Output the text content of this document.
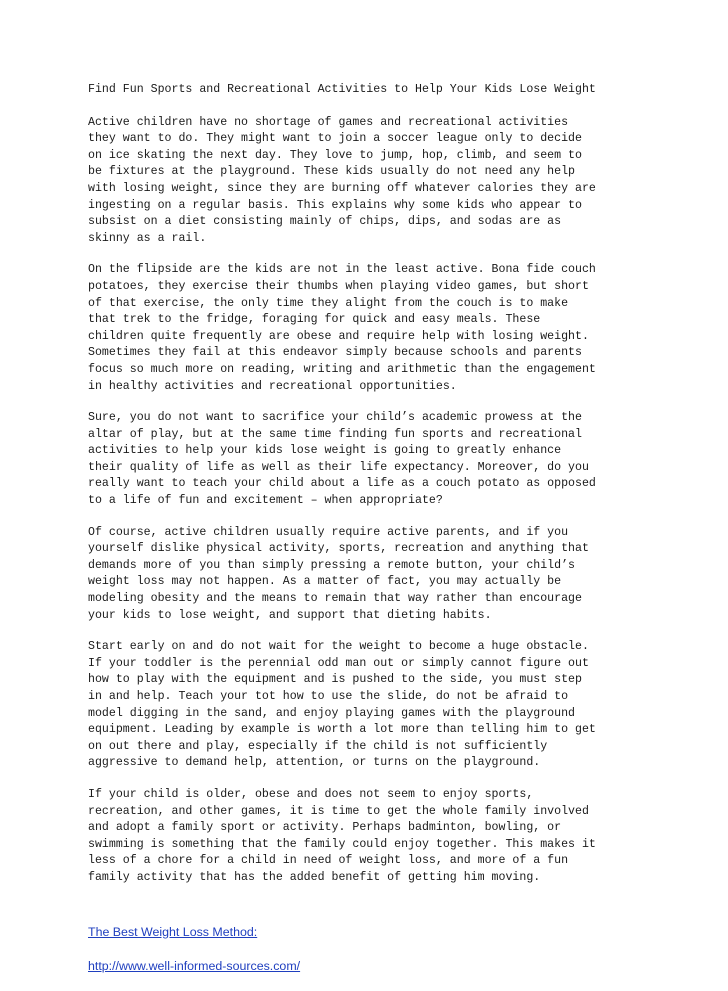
Find Fun Sports and Recreational Activities to Help Your Kids Lose Weight

Active children have no shortage of games and recreational activities
they want to do. They might want to join a soccer league only to decide
on ice skating the next day. They love to jump, hop, climb, and seem to
be fixtures at the playground. These kids usually do not need any help
with losing weight, since they are burning off whatever calories they are
ingesting on a regular basis. This explains why some kids who appear to
subsist on a diet consisting mainly of chips, dips, and sodas are as
skinny as a rail.

On the flipside are the kids are not in the least active. Bona fide couch
potatoes, they exercise their thumbs when playing video games, but short
of that exercise, the only time they alight from the couch is to make
that trek to the fridge, foraging for quick and easy meals. These
children quite frequently are obese and require help with losing weight.
Sometimes they fail at this endeavor simply because schools and parents
focus so much more on reading, writing and arithmetic than the engagement
in healthy activities and recreational opportunities.

Sure, you do not want to sacrifice your child’s academic prowess at the
altar of play, but at the same time finding fun sports and recreational
activities to help your kids lose weight is going to greatly enhance
their quality of life as well as their life expectancy. Moreover, do you
really want to teach your child about a life as a couch potato as opposed
to a life of fun and excitement – when appropriate?

Of course, active children usually require active parents, and if you
yourself dislike physical activity, sports, recreation and anything that
demands more of you than simply pressing a remote button, your child’s
weight loss may not happen. As a matter of fact, you may actually be
modeling obesity and the means to remain that way rather than encourage
your kids to lose weight, and support that dieting habits.

Start early on and do not wait for the weight to become a huge obstacle.
If your toddler is the perennial odd man out or simply cannot figure out
how to play with the equipment and is pushed to the side, you must step
in and help. Teach your tot how to use the slide, do not be afraid to
model digging in the sand, and enjoy playing games with the playground
equipment. Leading by example is worth a lot more than telling him to get
on out there and play, especially if the child is not sufficiently
aggressive to demand help, attention, or turns on the playground.

If your child is older, obese and does not seem to enjoy sports,
recreation, and other games, it is time to get the whole family involved
and adopt a family sport or activity. Perhaps badminton, bowling, or
swimming is something that the family could enjoy together. This makes it
less of a chore for a child in need of weight loss, and more of a fun
family activity that has the added benefit of getting him moving.

The Best Weight Loss Method:
http://www.well-informed-sources.com/
